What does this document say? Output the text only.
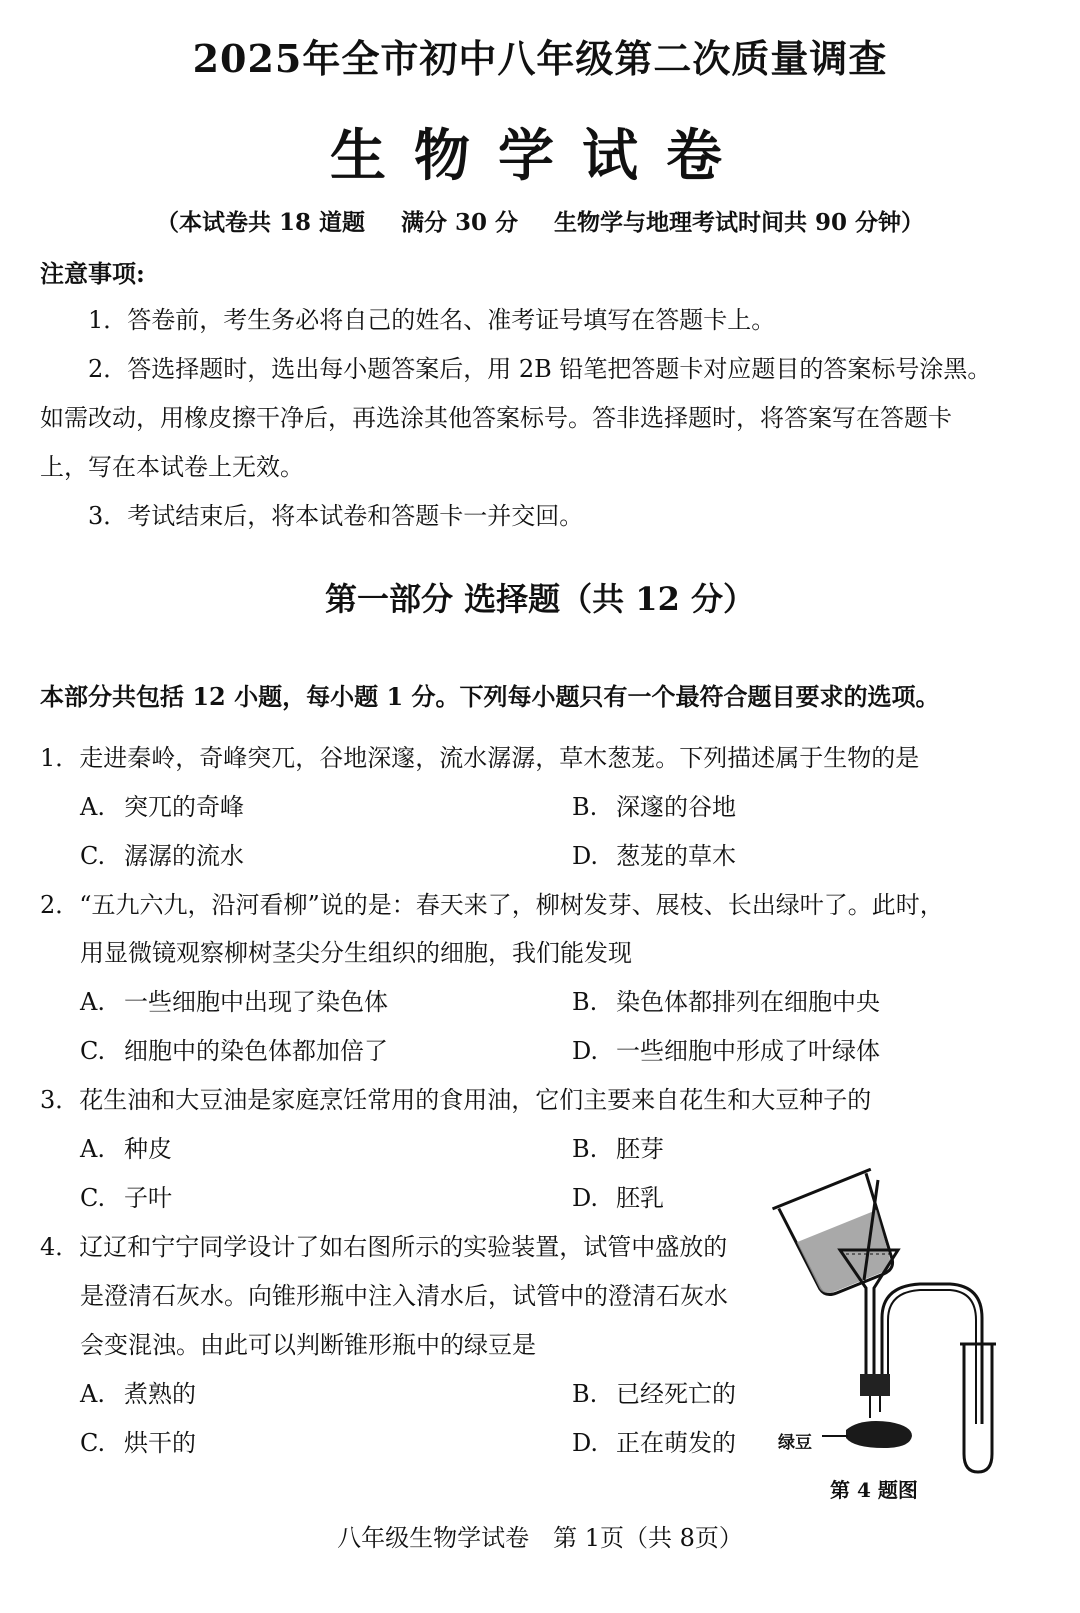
2025年全市初中八年级第二次质量调查
生物学试卷
（本试卷共 18 道题 满分 30 分 生物学与地理考试时间共 90 分钟）
注意事项:
1．答卷前，考生务必将自己的姓名、准考证号填写在答题卡上。
2．答选择题时，选出每小题答案后，用 2B 铅笔把答题卡对应题目的答案标号涂黑。
如需改动，用橡皮擦干净后，再选涂其他答案标号。答非选择题时，将答案写在答题卡
上，写在本试卷上无效。
3．考试结束后，将本试卷和答题卡一并交回。
第一部分 选择题（共 12 分）
本部分共包括 12 小题，每小题 1 分。下列每小题只有一个最符合题目要求的选项。
1．走进秦岭，奇峰突兀，谷地深邃，流水潺潺，草木葱茏。下列描述属于生物的是
A. 突兀的奇峰	B. 深邃的谷地
C. 潺潺的流水	D. 葱茏的草木
2．“五九六九，沿河看柳”说的是：春天来了，柳树发芽、展枝、长出绿叶了。此时，
用显微镜观察柳树茎尖分生组织的细胞，我们能发现
A. 一些细胞中出现了染色体	B. 染色体都排列在细胞中央
C. 细胞中的染色体都加倍了	D. 一些细胞中形成了叶绿体
3．花生油和大豆油是家庭烹饪常用的食用油，它们主要来自花生和大豆种子的
A. 种皮	B. 胚芽
C. 子叶	D. 胚乳
4．辽辽和宁宁同学设计了如右图所示的实验装置，试管中盛放的
是澄清石灰水。向锥形瓶中注入清水后，试管中的澄清石灰水
会变混浊。由此可以判断锥形瓶中的绿豆是
A. 煮熟的	B. 已经死亡的
C. 烘干的	D. 正在萌发的 绿豆
第 4 题图
八年级生物学试卷　第 1页（共 8页）
